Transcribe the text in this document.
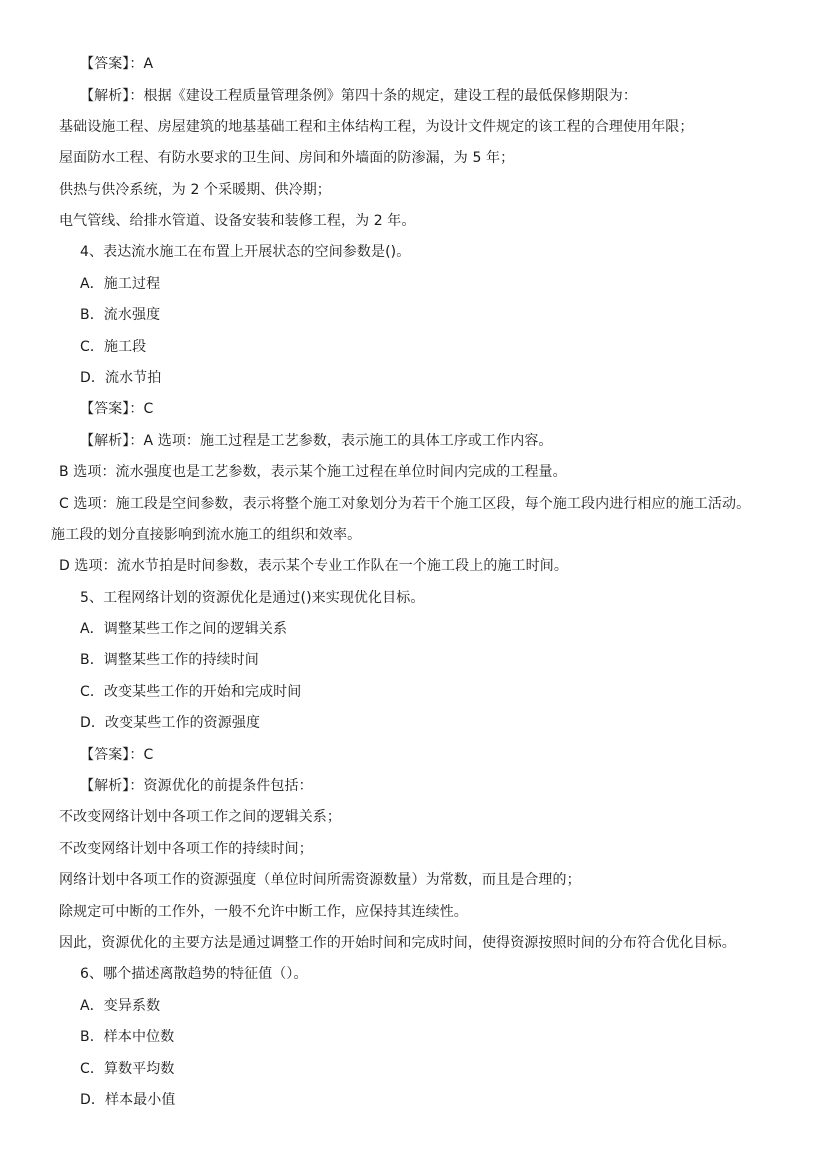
【答案】：A
【解析】：根据《建设工程质量管理条例》第四十条的规定，建设工程的最低保修期限为：
基础设施工程、房屋建筑的地基基础工程和主体结构工程，为设计文件规定的该工程的合理使用年限；
屋面防水工程、有防水要求的卫生间、房间和外墙面的防渗漏，为 5 年；
供热与供冷系统，为 2 个采暖期、供冷期；
电气管线、给排水管道、设备安装和装修工程，为 2 年。
4、表达流水施工在布置上开展状态的空间参数是()。
A．施工过程
B．流水强度
C．施工段
D．流水节拍
【答案】：C
【解析】：A 选项：施工过程是工艺参数，表示施工的具体工序或工作内容。
B 选项：流水强度也是工艺参数，表示某个施工过程在单位时间内完成的工程量。
C 选项：施工段是空间参数，表示将整个施工对象划分为若干个施工区段，每个施工段内进行相应的施工活动。
施工段的划分直接影响到流水施工的组织和效率。
D 选项：流水节拍是时间参数，表示某个专业工作队在一个施工段上的施工时间。
5、工程网络计划的资源优化是通过()来实现优化目标。
A．调整某些工作之间的逻辑关系
B．调整某些工作的持续时间
C．改变某些工作的开始和完成时间
D．改变某些工作的资源强度
【答案】：C
【解析】：资源优化的前提条件包括：
不改变网络计划中各项工作之间的逻辑关系；
不改变网络计划中各项工作的持续时间；
网络计划中各项工作的资源强度（单位时间所需资源数量）为常数，而且是合理的；
除规定可中断的工作外，一般不允许中断工作，应保持其连续性。
因此，资源优化的主要方法是通过调整工作的开始时间和完成时间，使得资源按照时间的分布符合优化目标。
6、哪个描述离散趋势的特征值（）。
A．变异系数
B．样本中位数
C．算数平均数
D．样本最小值
